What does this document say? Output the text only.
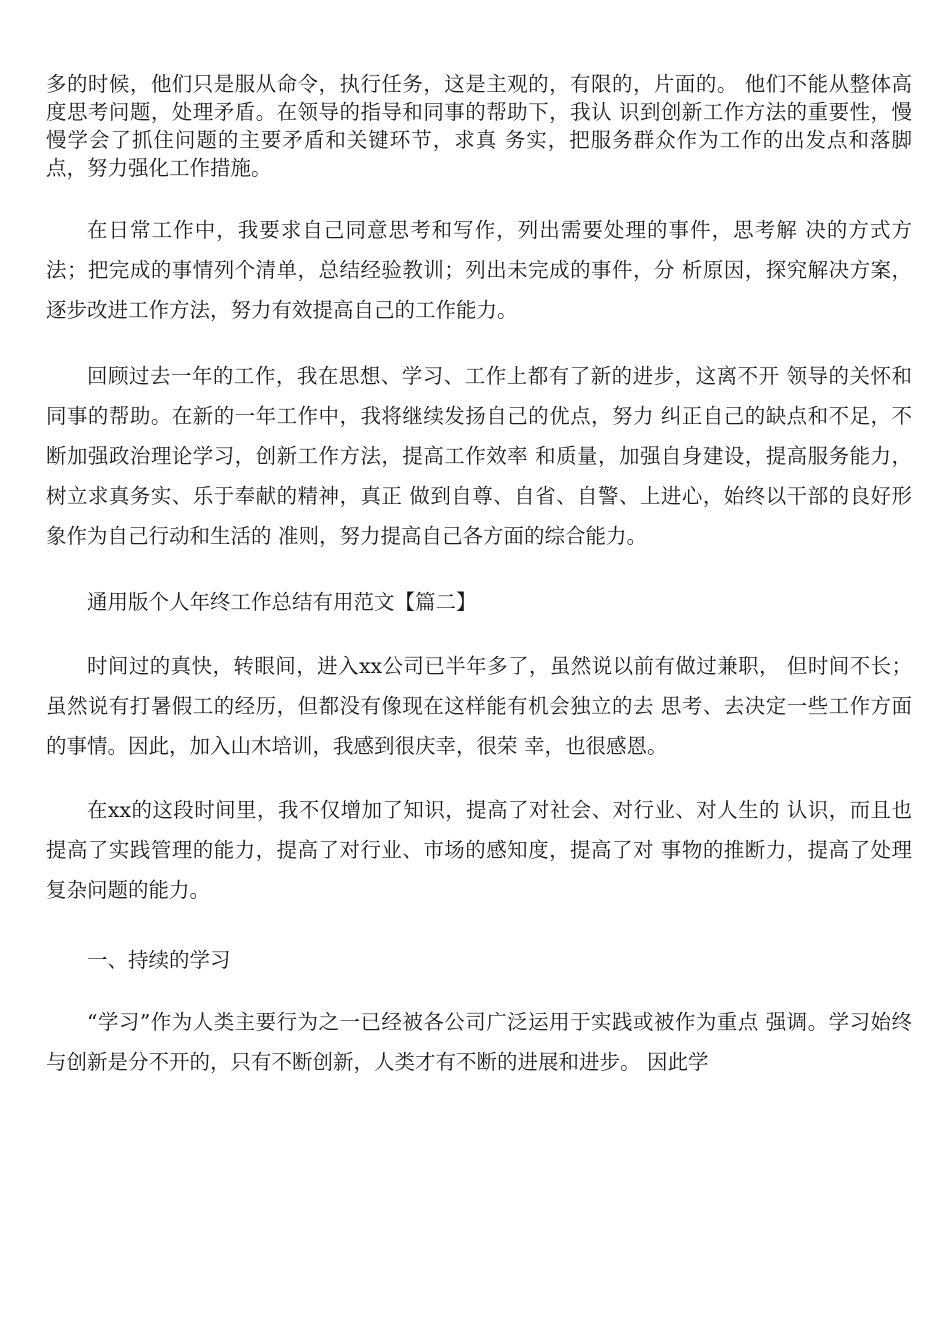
多的时候，他们只是服从命令，执行任务，这是主观的，有限的，片面的。 他们不能从整体高度思考问题，处理矛盾。在领导的指导和同事的帮助下，我认 识到创新工作方法的重要性，慢慢学会了抓住问题的主要矛盾和关键环节，求真 务实，把服务群众作为工作的出发点和落脚点，努力强化工作措施。

在日常工作中，我要求自己同意思考和写作，列出需要处理的事件，思考解 决的方式方法；把完成的事情列个清单，总结经验教训；列出未完成的事件，分 析原因，探究解决方案，逐步改进工作方法，努力有效提高自己的工作能力。

回顾过去一年的工作，我在思想、学习、工作上都有了新的进步，这离不开 领导的关怀和同事的帮助。在新的一年工作中，我将继续发扬自己的优点，努力 纠正自己的缺点和不足，不断加强政治理论学习，创新工作方法，提高工作效率 和质量，加强自身建设，提高服务能力，树立求真务实、乐于奉献的精神，真正 做到自尊、自省、自警、上进心，始终以干部的良好形象作为自己行动和生活的 准则，努力提高自己各方面的综合能力。

通用版个人年终工作总结有用范文【篇二】

时间过的真快，转眼间，进入xx公司已半年多了，虽然说以前有做过兼职， 但时间不长；虽然说有打暑假工的经历，但都没有像现在这样能有机会独立的去 思考、去决定一些工作方面的事情。因此，加入山木培训，我感到很庆幸，很荣 幸，也很感恩。

在xx的这段时间里，我不仅增加了知识，提高了对社会、对行业、对人生的 认识，而且也提高了实践管理的能力，提高了对行业、市场的感知度，提高了对 事物的推断力，提高了处理复杂问题的能力。

一、持续的学习

“学习”作为人类主要行为之一已经被各公司广泛运用于实践或被作为重点 强调。学习始终与创新是分不开的，只有不断创新，人类才有不断的进展和进步。 因此学
